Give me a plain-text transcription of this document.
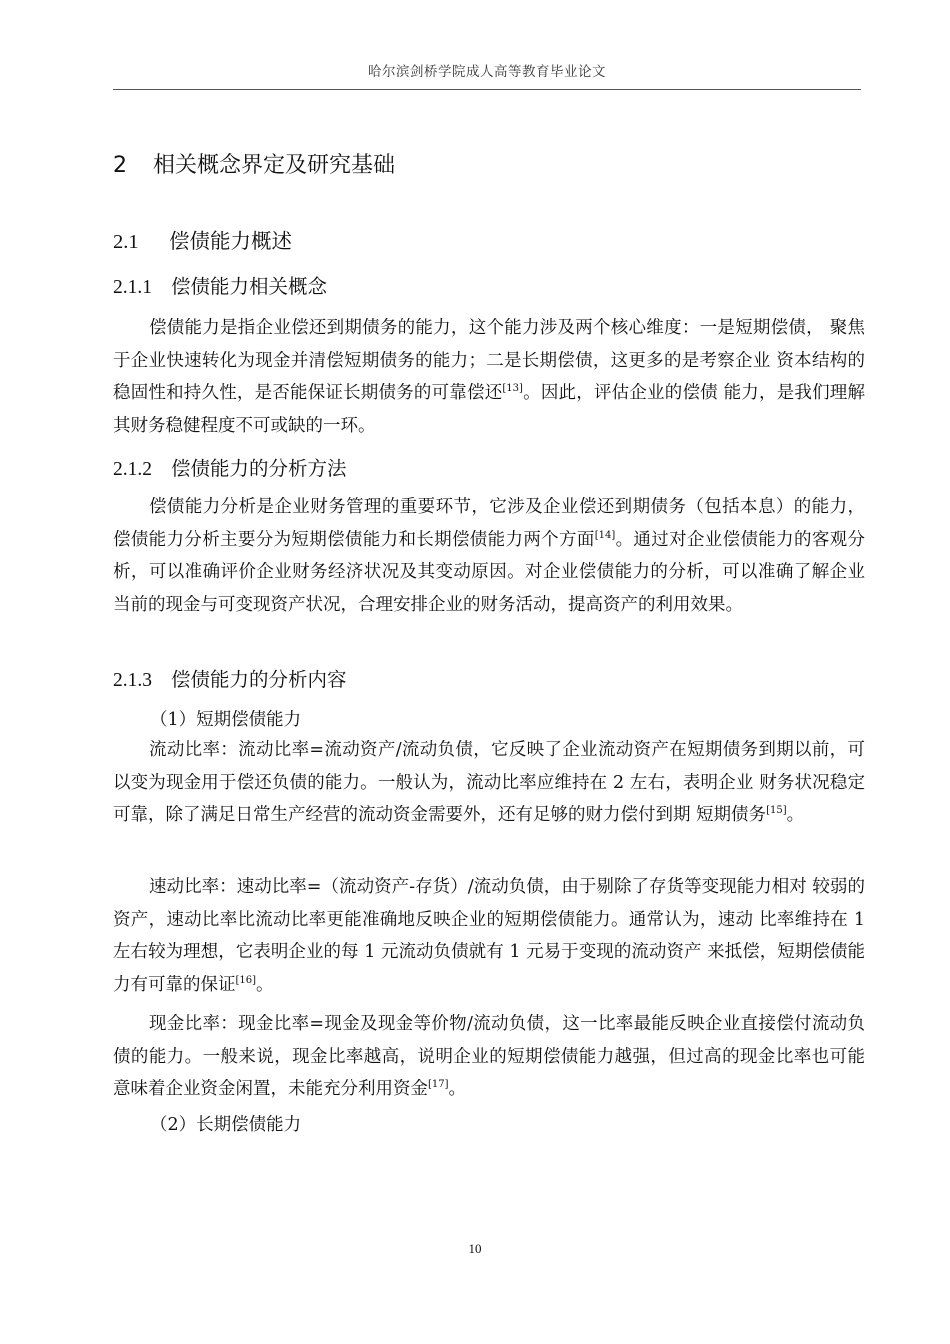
哈尔滨剑桥学院成人高等教育毕业论文
2 相关概念界定及研究基础
2.1 偿债能力概述
2.1.1 偿债能力相关概念

偿债能力是指企业偿还到期债务的能力，这个能力涉及两个核心维度：一是短期偿债， 聚焦于企业快速转化为现金并清偿短期债务的能力；二是长期偿债，这更多的是考察企业 资本结构的稳固性和持久性，是否能保证长期债务的可靠偿还[13]。因此，评估企业的偿债 能力，是我们理解其财务稳健程度不可或缺的一环。

2.1.2 偿债能力的分析方法

偿债能力分析是企业财务管理的重要环节，它涉及企业偿还到期债务（包括本息）的能力，偿债能力分析主要分为短期偿债能力和长期偿债能力两个方面[14]。通过对企业偿债能力的客观分析，可以准确评价企业财务经济状况及其变动原因。对企业偿债能力的分析，可以准确了解企业当前的现金与可变现资产状况，合理安排企业的财务活动，提高资产的利用效果。

2.1.3 偿债能力的分析内容

（1）短期偿债能力

流动比率：流动比率=流动资产/流动负债，它反映了企业流动资产在短期债务到期以前，可以变为现金用于偿还负债的能力。一般认为，流动比率应维持在 2 左右，表明企业 财务状况稳定可靠，除了满足日常生产经营的流动资金需要外，还有足够的财力偿付到期 短期债务[15]。

速动比率：速动比率=（流动资产-存货）/流动负债，由于剔除了存货等变现能力相对 较弱的资产，速动比率比流动比率更能准确地反映企业的短期偿债能力。通常认为，速动 比率维持在 1 左右较为理想，它表明企业的每 1 元流动负债就有 1 元易于变现的流动资产 来抵偿，短期偿债能力有可靠的保证[16]。

现金比率：现金比率=现金及现金等价物/流动负债，这一比率最能反映企业直接偿付流动负债的能力。一般来说，现金比率越高，说明企业的短期偿债能力越强，但过高的现金比率也可能意味着企业资金闲置，未能充分利用资金[17]。

（2）长期偿债能力

10
